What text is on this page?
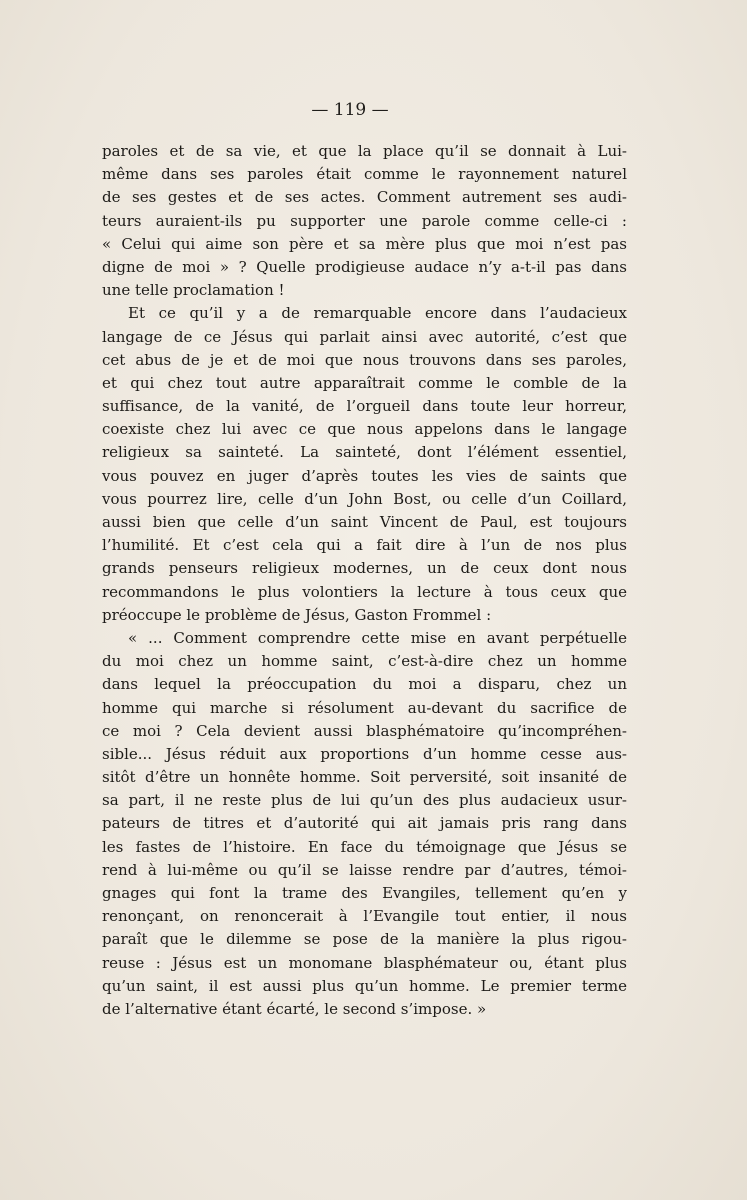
— 119 —
paroles et de sa vie, et que la place qu’il se donnait à Lui-
même dans ses paroles était comme le rayonnement naturel
de ses gestes et de ses actes. Comment autrement ses audi-
teurs auraient-ils pu supporter une parole comme celle-ci :
« Celui qui aime son père et sa mère plus que moi n’est pas
digne de moi » ? Quelle prodigieuse audace n’y a-t-il pas dans
une telle proclamation !
Et ce qu’il y a de remarquable encore dans l’audacieux
langage de ce Jésus qui parlait ainsi avec autorité, c’est que
cet abus de je et de moi que nous trouvons dans ses paroles,
et qui chez tout autre apparaîtrait comme le comble de la
suffisance, de la vanité, de l’orgueil dans toute leur horreur,
coexiste chez lui avec ce que nous appelons dans le langage
religieux sa sainteté. La sainteté, dont l’élément essentiel,
vous pouvez en juger d’après toutes les vies de saints que
vous pourrez lire, celle d’un John Bost, ou celle d’un Coillard,
aussi bien que celle d’un saint Vincent de Paul, est toujours
l’humilité. Et c’est cela qui a fait dire à l’un de nos plus
grands penseurs religieux modernes, un de ceux dont nous
recommandons le plus volontiers la lecture à tous ceux que
préoccupe le problème de Jésus, Gaston Frommel :
« ... Comment comprendre cette mise en avant perpétuelle
du moi chez un homme saint, c’est-à-dire chez un homme
dans lequel la préoccupation du moi a disparu, chez un
homme qui marche si résolument au-devant du sacrifice de
ce moi ? Cela devient aussi blasphématoire qu’incompréhen-
sible... Jésus réduit aux proportions d’un homme cesse aus-
sitôt d’être un honnête homme. Soit perversité, soit insanité de
sa part, il ne reste plus de lui qu’un des plus audacieux usur-
pateurs de titres et d’autorité qui ait jamais pris rang dans
les fastes de l’histoire. En face du témoignage que Jésus se
rend à lui-même ou qu’il se laisse rendre par d’autres, témoi-
gnages qui font la trame des Evangiles, tellement qu’en y
renonçant, on renoncerait à l’Evangile tout entier, il nous
paraît que le dilemme se pose de la manière la plus rigou-
reuse : Jésus est un monomane blasphémateur ou, étant plus
qu’un saint, il est aussi plus qu’un homme. Le premier terme
de l’alternative étant écarté, le second s’impose. »
